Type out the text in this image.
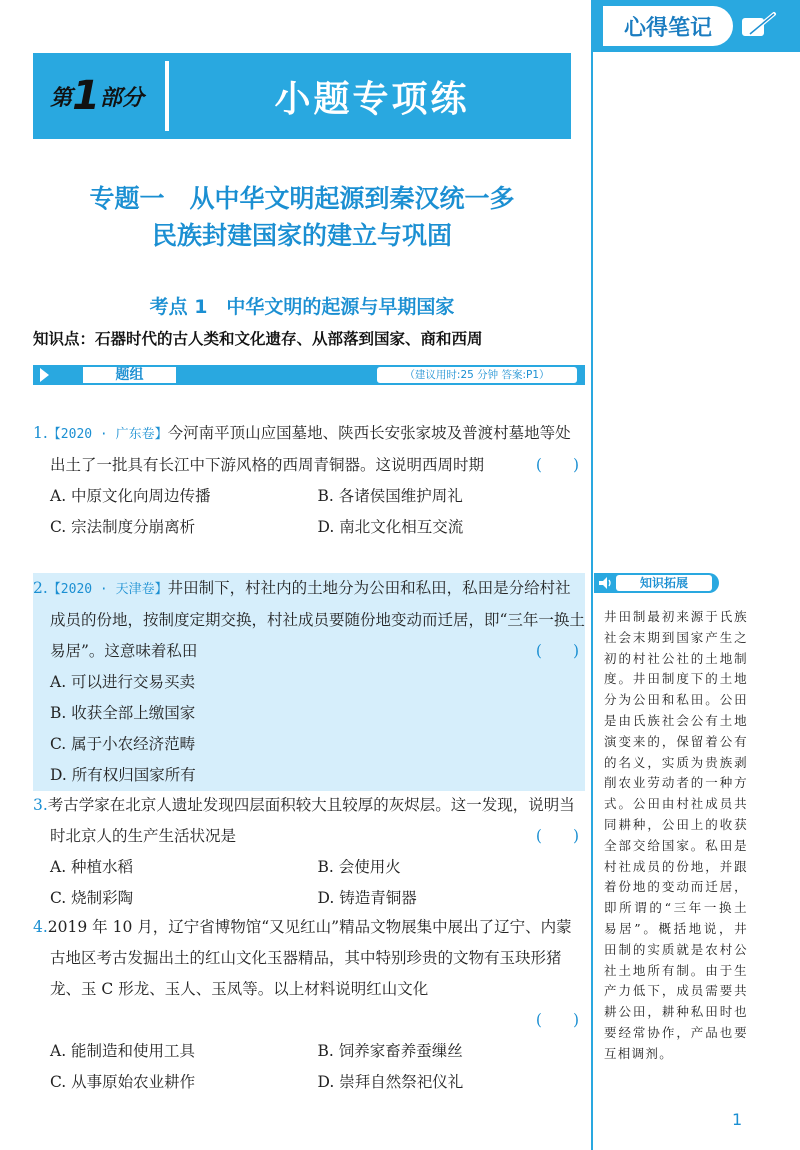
心得笔记
第 1 部分	小题专项练
专题一　从中华文明起源到秦汉统一多
民族封建国家的建立与巩固
考点 1　中华文明的起源与早期国家
知识点：石器时代的古人类和文化遗存、从部落到国家、商和西周
题组	（建议用时:25 分钟 答案:P1）
1.【2020 · 广东卷】今河南平顶山应国墓地、陕西长安张家坡及普渡村墓地等处出土了一批具有长江中下游风格的西周青铜器。这说明西周时期	(　　)
A. 中原文化向周边传播	B. 各诸侯国维护周礼
C. 宗法制度分崩离析	D. 南北文化相互交流
2.【2020 · 天津卷】井田制下，村社内的土地分为公田和私田，私田是分给村社成员的份地，按制度定期交换，村社成员要随份地变动而迁居，即“三年一换土易居”。这意味着私田	(　　)
A. 可以进行交易买卖
B. 收获全部上缴国家
C. 属于小农经济范畴
D. 所有权归国家所有
3.考古学家在北京人遗址发现四层面积较大且较厚的灰烬层。这一发现，说明当时北京人的生产生活状况是	(　　)
A. 种植水稻	B. 会使用火
C. 烧制彩陶	D. 铸造青铜器
4.2019 年 10 月，辽宁省博物馆“又见红山”精品文物展集中展出了辽宁、内蒙古地区考古发掘出土的红山文化玉器精品，其中特别珍贵的文物有玉玦形猪龙、玉 C 形龙、玉人、玉凤等。以上材料说明红山文化
(　　)
A. 能制造和使用工具	B. 饲养家畜养蚕缫丝
C. 从事原始农业耕作	D. 崇拜自然祭祀仪礼
知识拓展
井田制最初来源于氏族社会末期到国家产生之初的村社公社的土地制度。井田制度下的土地分为公田和私田。公田是由氏族社会公有土地演变来的，保留着公有的名义，实质为贵族剥削农业劳动者的一种方式。公田由村社成员共同耕种，公田上的收获全部交给国家。私田是村社成员的份地，并跟着份地的变动而迁居，即所谓的“三年一换土易居”。概括地说，井田制的实质就是农村公社土地所有制。由于生产力低下，成员需要共耕公田，耕种私田时也要经常协作，产品也要互相调剂。
1
